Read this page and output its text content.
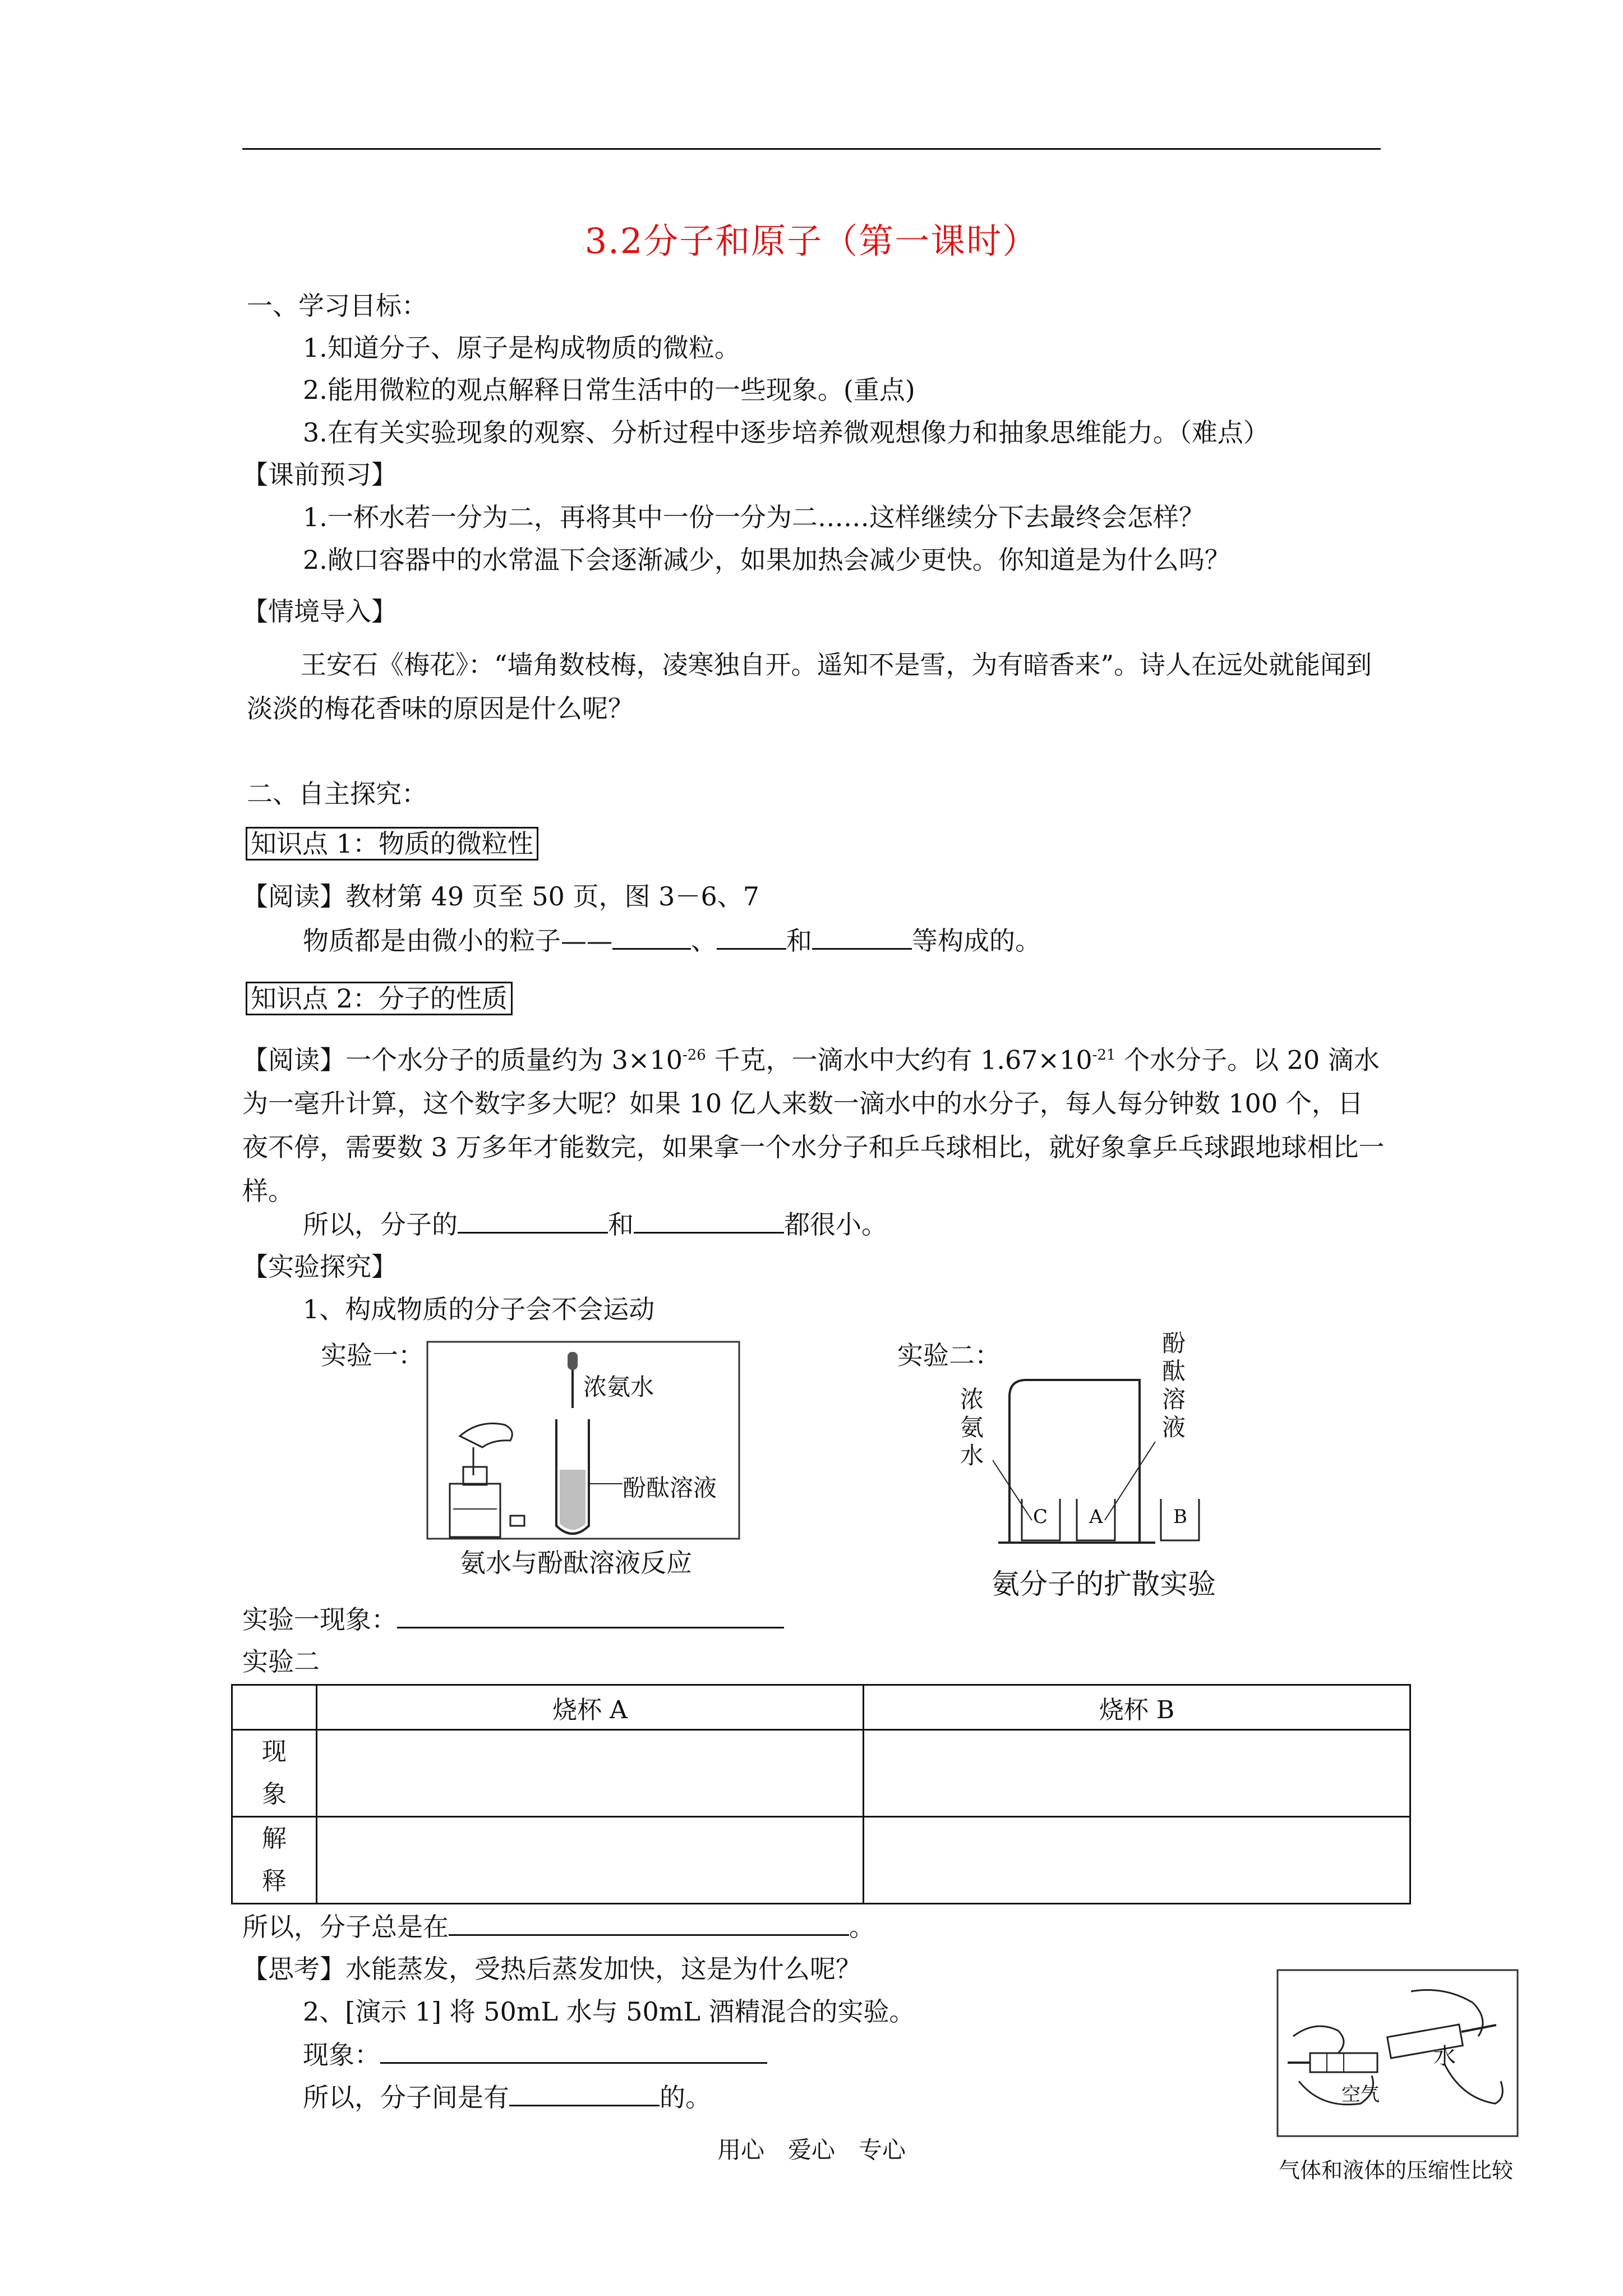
3.2分子和原子（第一课时）
一、学习目标：
1.知道分子、原子是构成物质的微粒。
2.能用微粒的观点解释日常生活中的一些现象。(重点)
3.在有关实验现象的观察、分析过程中逐步培养微观想像力和抽象思维能力。（难点）
【课前预习】
1.一杯水若一分为二，再将其中一份一分为二……这样继续分下去最终会怎样？
2.敞口容器中的水常温下会逐渐减少，如果加热会减少更快。你知道是为什么吗？
【情境导入】
王安石《梅花》：“墙角数枝梅，凌寒独自开。遥知不是雪，为有暗香来”。诗人在远处就能闻到淡淡的梅花香味的原因是什么呢？
二、自主探究：
知识点 1：物质的微粒性
【阅读】教材第 49 页至 50 页，图 3－6、7
物质都是由微小的粒子——	、	和	等构成的。
知识点 2：分子的性质
【阅读】一个水分子的质量约为 $3\times 10^{-26}$ 千克，一滴水中大约有 $1.67\times 10^{-21}$ 个水分子。以 20 滴水为一毫升计算，这个数字多大呢？如果 10 亿人来数一滴水中的水分子，每人每分钟数 100 个，日夜不停，需要数 3 万多年才能数完，如果拿一个水分子和乒乓球相比，就好象拿乒乓球跟地球相比一样。
所以，分子的	和	都很小。
【实验探究】
1、构成物质的分子会不会运动
实验一：
浓氨水
酚酞溶液
氨水与酚酞溶液反应
实验二：	酚酞溶液
浓氨水
C A	B
氨分子的扩散实验
实验一现象：
实验二
	烧杯 A	烧杯 B
现象		
解释		
所以，分子总是在	。
【思考】水能蒸发，受热后蒸发加快，这是为什么呢？
2、[演示 1] 将 50mL 水与 50mL 酒精混合的实验。
现象：
所以，分子间是有	的。
水
空气
气体和液体的压缩性比较
用心　爱心　专心
